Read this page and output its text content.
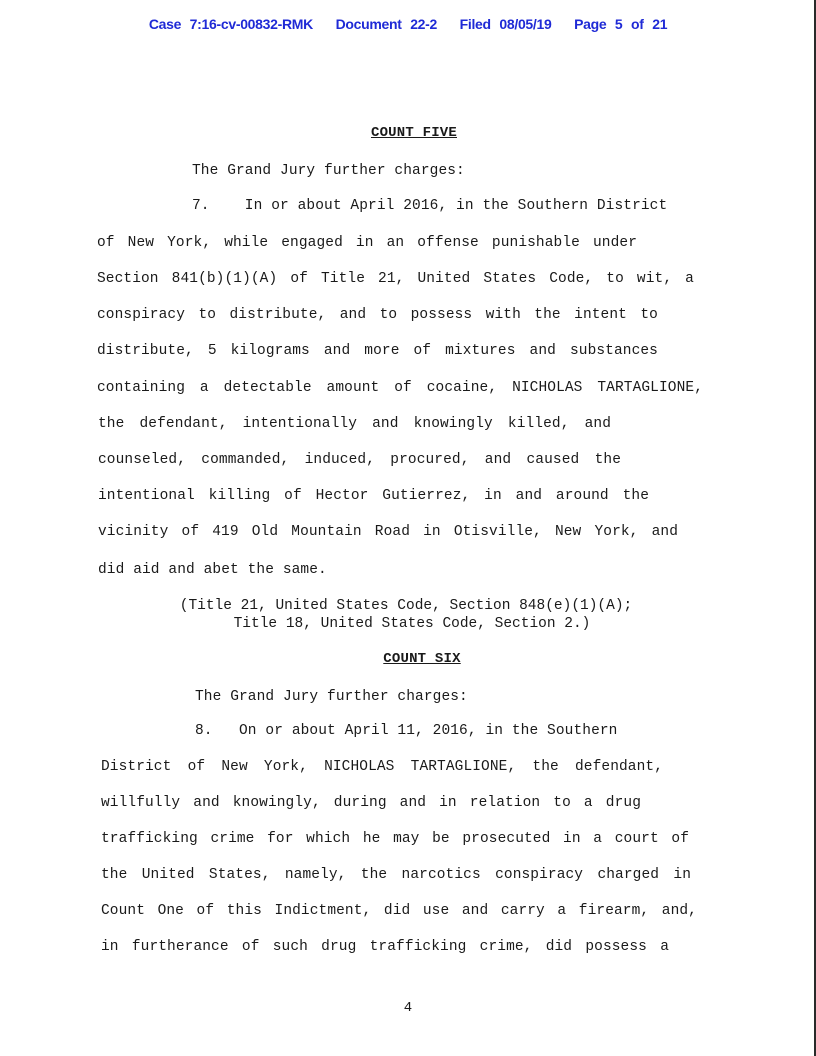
Case 7:16-cv-00832-RMK Document 22-2 Filed 08/05/19 Page 5 of 21
COUNT FIVE
The Grand Jury further charges:
7.    In or about April 2016, in the Southern District
of New York, while engaged in an offense punishable under
Section 841(b)(1)(A) of Title 21, United States Code, to wit, a
conspiracy to distribute, and to possess with the intent to
distribute, 5 kilograms and more of mixtures and substances
containing a detectable amount of cocaine, NICHOLAS TARTAGLIONE,
the defendant, intentionally and knowingly killed, and
counseled, commanded, induced, procured, and caused the
intentional killing of Hector Gutierrez, in and around the
vicinity of 419 Old Mountain Road in Otisville, New York, and
did aid and abet the same.
(Title 21, United States Code, Section 848(e)(1)(A);
Title 18, United States Code, Section 2.)
COUNT SIX
The Grand Jury further charges:
8.   On or about April 11, 2016, in the Southern
District of New York, NICHOLAS TARTAGLIONE, the defendant,
willfully and knowingly, during and in relation to a drug
trafficking crime for which he may be prosecuted in a court of
the United States, namely, the narcotics conspiracy charged in
Count One of this Indictment, did use and carry a firearm, and,
in furtherance of such drug trafficking crime, did possess a
4
